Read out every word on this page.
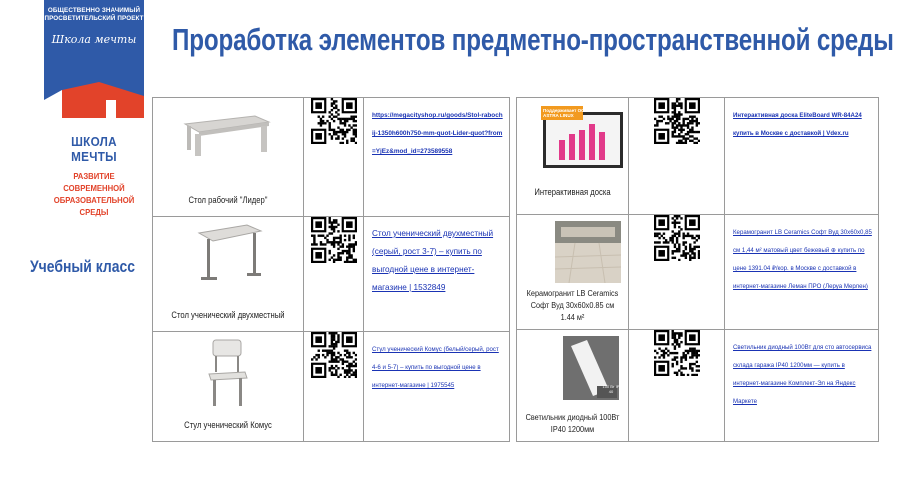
ОБЩЕСТВЕННО ЗНАЧИМЫЙ ПРОСВЕТИТЕЛЬСКИЙ ПРОЕКТ
Школа мечты
ШКОЛА МЕЧТЫ
РАЗВИТИЕ СОВРЕМЕННОЙ ОБРАЗОВАТЕЛЬНОЙ СРЕДЫ
Учебный класс
Проработка элементов предметно-пространственной среды
Стол рабочий "Лидер"		https://megacityshop.ru/goods/Stol-rabochij-1350h600h750-mm-quot-Lider-quot?from=YjEz&mod_id=273589558

Стол ученический двухместный		Стол ученический двухместный (серый, рост 3-7) – купить по выгодной цене в интернет-магазине | 1532849

Стул ученический Комус		Стул ученический Комус (белый/серый, рост 4-6 и 5-7) – купить по выгодной цене в интернет-магазине | 1975545
Поддерживает ОС ASTRA LINUX
Интерактивная доска		Интерактивная доска EliteBoard WR-84A24 купить в Москве с доставкой | Vdex.ru

Керамогранит LB Ceramics Софт Вуд 30х60х0.85 см 1.44 м²		Керамогранит LB Ceramics Софт Вуд 30х60х0,85 см 1,44 м² матовый цвет бежевый ⊕ купить по цене 1391.04 ₽/кор. в Москве с доставкой в интернет-магазине Леман ПРО (Леруа Мерлен)

100 Вт IP 40
Светильник диодный 100Вт IP40 1200мм		Светильник диодный 100Вт для сто автосервиса склада гаража IP40 1200мм — купить в интернет-магазине Комплект-Эл на Яндекс Маркете
